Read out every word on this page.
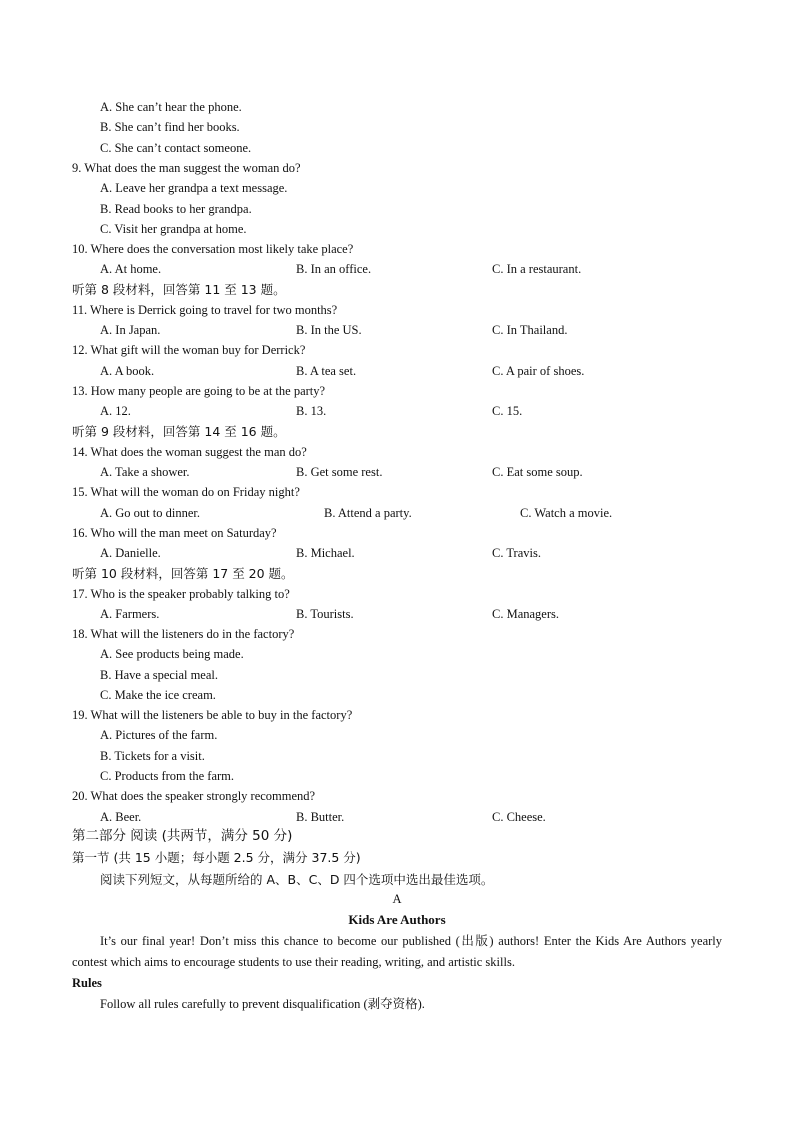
A. She can’t hear the phone.
B. She can’t find her books.
C. She can’t contact someone.
9. What does the man suggest the woman do?
A. Leave her grandpa a text message.
B. Read books to her grandpa.
C. Visit her grandpa at home.
10. Where does the conversation most likely take place?
A. At home.	B. In an office.	C. In a restaurant.
听第 8 段材料，回答第 11 至 13 题。
11. Where is Derrick going to travel for two months?
A. In Japan.	B. In the US.	C. In Thailand.
12. What gift will the woman buy for Derrick?
A. A book.	B. A tea set.	C. A pair of shoes.
13. How many people are going to be at the party?
A. 12.	B. 13.	C. 15.
听第 9 段材料，回答第 14 至 16 题。
14. What does the woman suggest the man do?
A. Take a shower.	B. Get some rest.	C. Eat some soup.
15. What will the woman do on Friday night?
A. Go out to dinner.	B. Attend a party.	C. Watch a movie.
16. Who will the man meet on Saturday?
A. Danielle.	B. Michael.	C. Travis.
听第 10 段材料，回答第 17 至 20 题。
17. Who is the speaker probably talking to?
A. Farmers.	B. Tourists.	C. Managers.
18. What will the listeners do in the factory?
A. See products being made.
B. Have a special meal.
C. Make the ice cream.
19. What will the listeners be able to buy in the factory?
A. Pictures of the farm.
B. Tickets for a visit.
C. Products from the farm.
20. What does the speaker strongly recommend?
A. Beer.	B. Butter.	C. Cheese.
第二部分 阅读 (共两节，满分 50 分)
第一节 (共 15 小题；每小题 2.5 分，满分 37.5 分)
阅读下列短文，从每题所给的 A、B、C、D 四个选项中选出最佳选项。
A
Kids Are Authors
It’s our final year! Don’t miss this chance to become our published (出版) authors! Enter the Kids Are Authors yearly contest which aims to encourage students to use their reading, writing, and artistic skills.
Rules
Follow all rules carefully to prevent disqualification (剥夺资格).
